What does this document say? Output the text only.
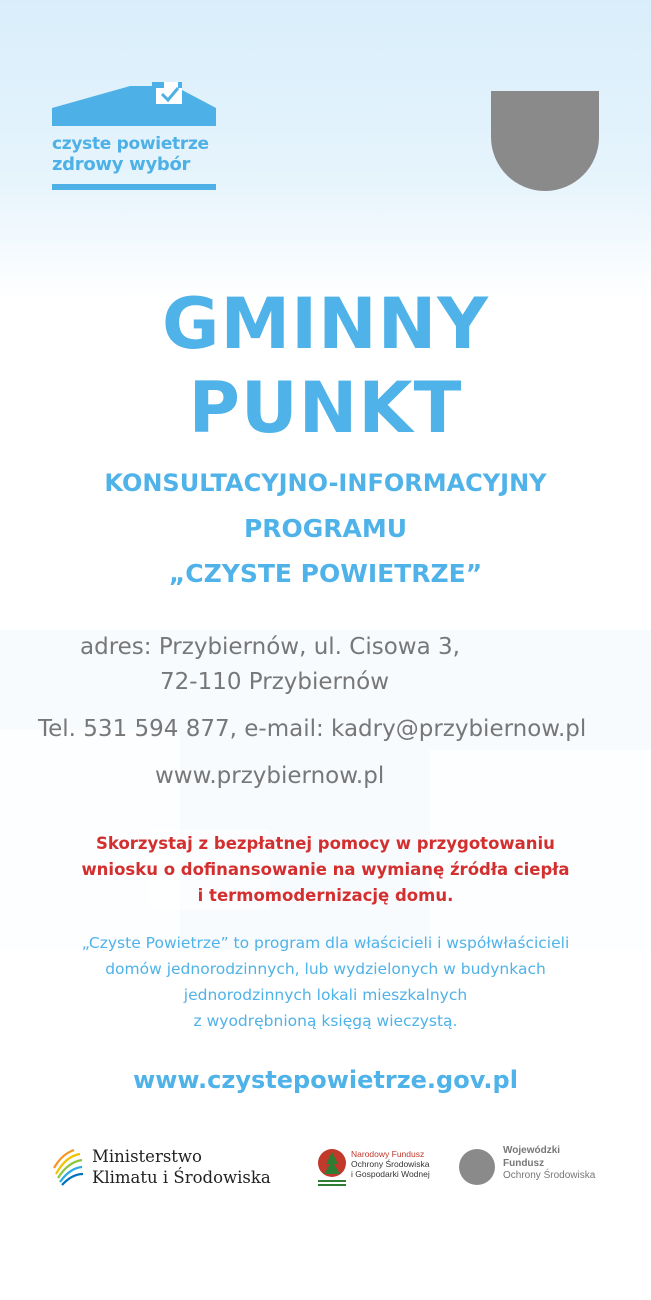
czyste powietrze
zdrowy wybór
GMINNY
PUNKT
KONSULTACYJNO-INFORMACYJNY
PROGRAMU
„CZYSTE POWIETRZE”
adres: Przybiernów, ul. Cisowa 3,
72-110 Przybiernów
Tel. 531 594 877, e-mail: kadry@przybiernow.pl
www.przybiernow.pl
Skorzystaj z bezpłatnej pomocy w przygotowaniu
wniosku o dofinansowanie na wymianę źródła ciepła
i termomodernizację domu.
„Czyste Powietrze” to program dla właścicieli i współwłaścicieli
domów jednorodzinnych, lub wydzielonych w budynkach
jednorodzinnych lokali mieszkalnych
z wyodrębnioną księgą wieczystą.
www.czystepowietrze.gov.pl
Ministerstwo
Klimatu i Środowiska
Narodowy Fundusz
Ochrony Środowiska
i Gospodarki Wodnej
Wojewódzki
Fundusz
Ochrony Środowiska
